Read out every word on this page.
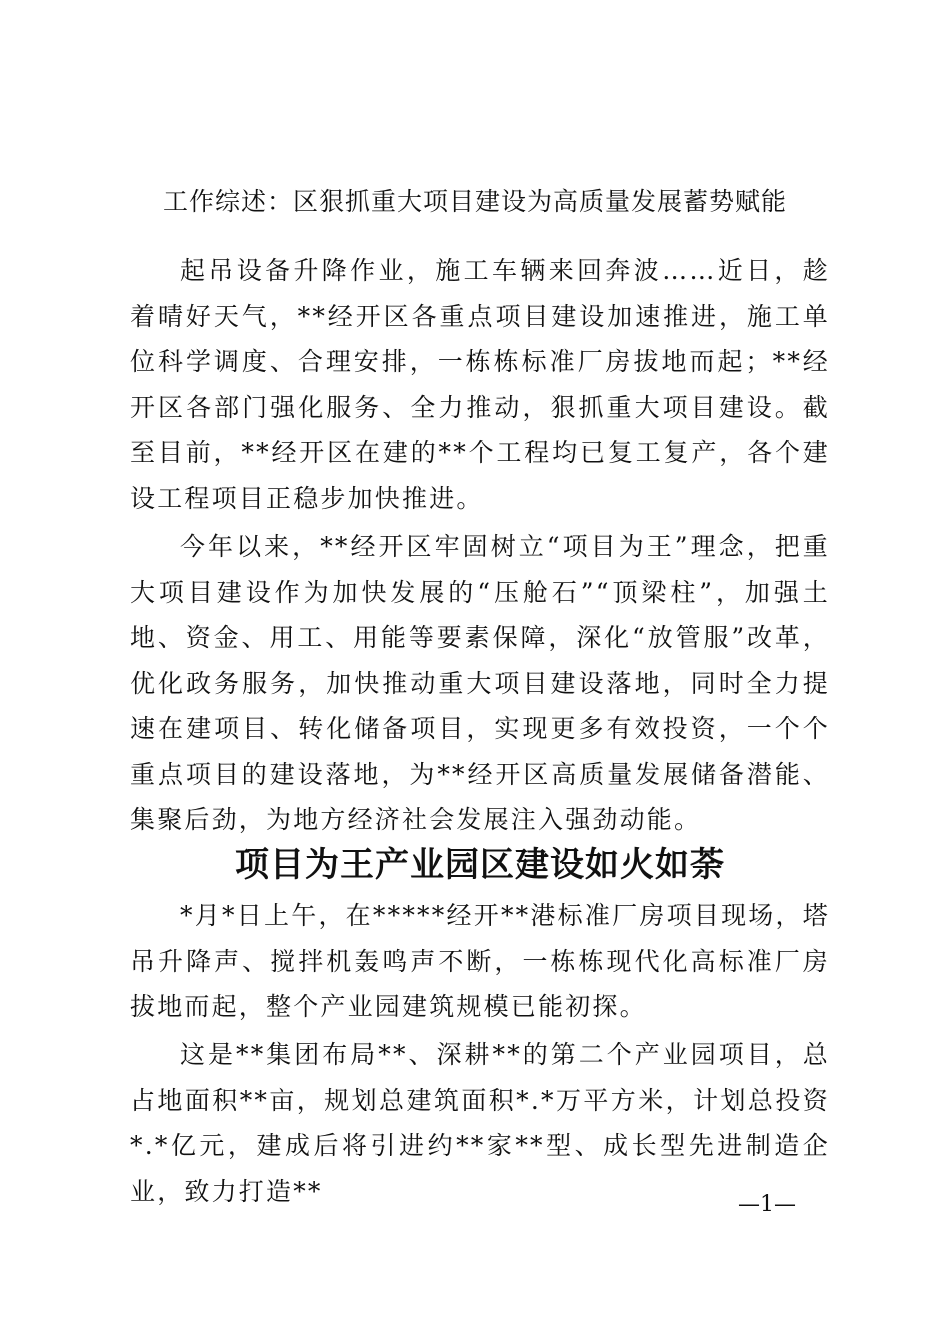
工作综述：区狠抓重大项目建设为高质量发展蓄势赋能

起吊设备升降作业，施工车辆来回奔波……近日，趁着晴好天气，**经开区各重点项目建设加速推进，施工单位科学调度、合理安排，一栋栋标准厂房拔地而起；**经开区各部门强化服务、全力推动，狠抓重大项目建设。截至目前，**经开区在建的**个工程均已复工复产，各个建设工程项目正稳步加快推进。

今年以来，**经开区牢固树立“项目为王”理念，把重大项目建设作为加快发展的“压舱石”“顶梁柱”，加强土地、资金、用工、用能等要素保障，深化“放管服”改革，优化政务服务，加快推动重大项目建设落地，同时全力提速在建项目、转化储备项目，实现更多有效投资，一个个重点项目的建设落地，为**经开区高质量发展储备潜能、集聚后劲，为地方经济社会发展注入强劲动能。

项目为王产业园区建设如火如荼

*月*日上午，在*****经开**港标准厂房项目现场，塔吊升降声、搅拌机轰鸣声不断，一栋栋现代化高标准厂房拔地而起，整个产业园建筑规模已能初探。

这是**集团布局**、深耕**的第二个产业园项目，总占地面积**亩，规划总建筑面积*.*万平方米，计划总投资*.*亿元，建成后将引进约**家**型、成长型先进制造企业，致力打造**	—1—
